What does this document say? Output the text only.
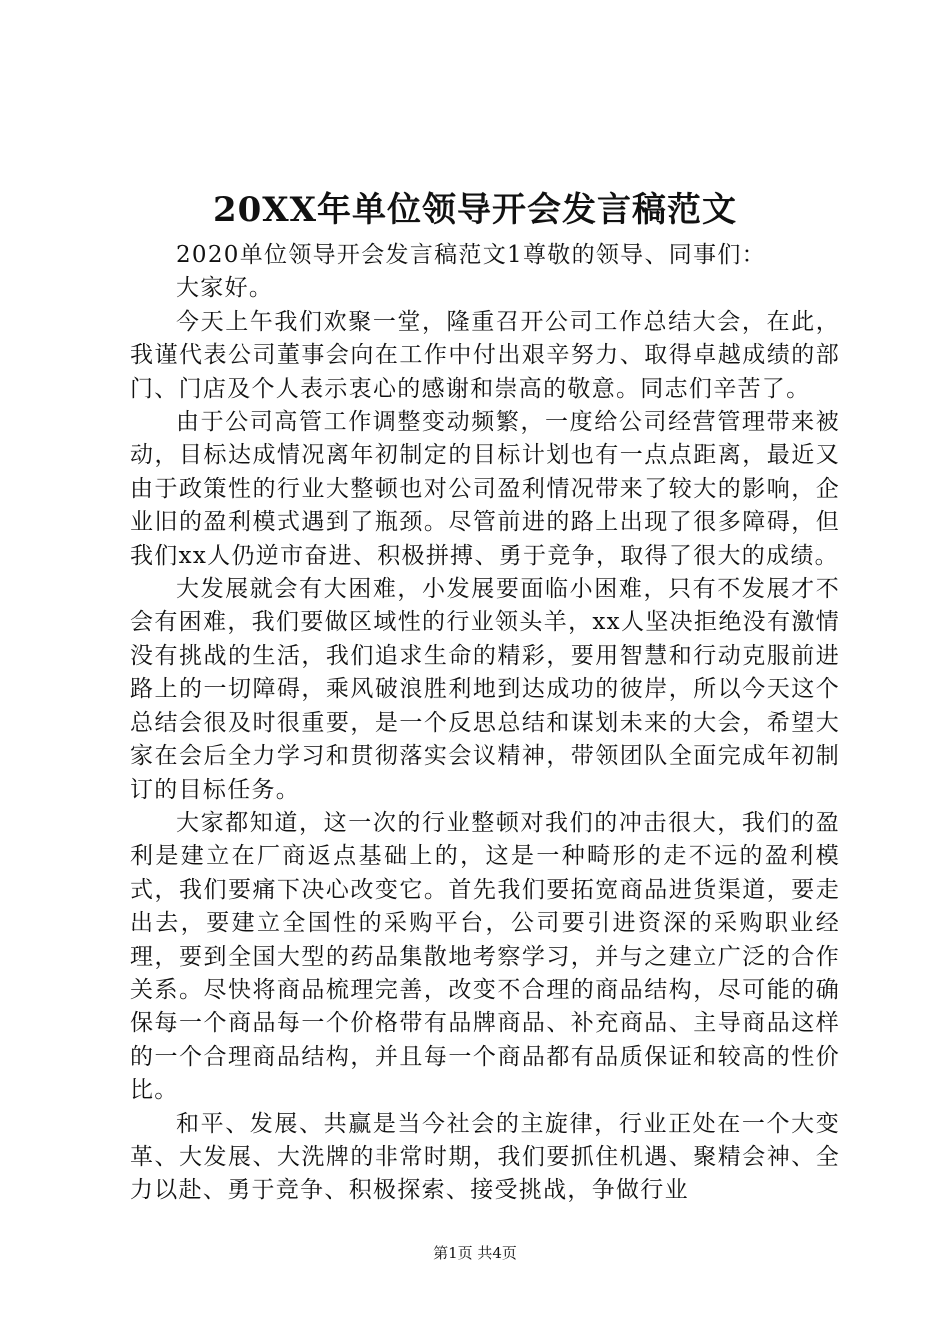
20XX年单位领导开会发言稿范文

2020单位领导开会发言稿范文1尊敬的领导、同事们：

大家好。

今天上午我们欢聚一堂，隆重召开公司工作总结大会，在此，我谨代表公司董事会向在工作中付出艰辛努力、取得卓越成绩的部门、门店及个人表示衷心的感谢和崇高的敬意。同志们辛苦了。

由于公司高管工作调整变动频繁，一度给公司经营管理带来被动，目标达成情况离年初制定的目标计划也有一点点距离，最近又由于政策性的行业大整顿也对公司盈利情况带来了较大的影响，企业旧的盈利模式遇到了瓶颈。尽管前进的路上出现了很多障碍，但我们xx人仍逆市奋进、积极拼搏、勇于竞争，取得了很大的成绩。

大发展就会有大困难，小发展要面临小困难，只有不发展才不会有困难，我们要做区域性的行业领头羊，xx人坚决拒绝没有激情没有挑战的生活，我们追求生命的精彩，要用智慧和行动克服前进路上的一切障碍，乘风破浪胜利地到达成功的彼岸，所以今天这个总结会很及时很重要，是一个反思总结和谋划未来的大会，希望大家在会后全力学习和贯彻落实会议精神，带领团队全面完成年初制订的目标任务。

大家都知道，这一次的行业整顿对我们的冲击很大，我们的盈利是建立在厂商返点基础上的，这是一种畸形的走不远的盈利模式，我们要痛下决心改变它。首先我们要拓宽商品进货渠道，要走出去，要建立全国性的采购平台，公司要引进资深的采购职业经理，要到全国大型的药品集散地考察学习，并与之建立广泛的合作关系。尽快将商品梳理完善，改变不合理的商品结构，尽可能的确保每一个商品每一个价格带有品牌商品、补充商品、主导商品这样的一个合理商品结构，并且每一个商品都有品质保证和较高的性价比。

和平、发展、共赢是当今社会的主旋律，行业正处在一个大变革、大发展、大洗牌的非常时期，我们要抓住机遇、聚精会神、全力以赴、勇于竞争、积极探索、接受挑战，争做行业

第1页 共4页
